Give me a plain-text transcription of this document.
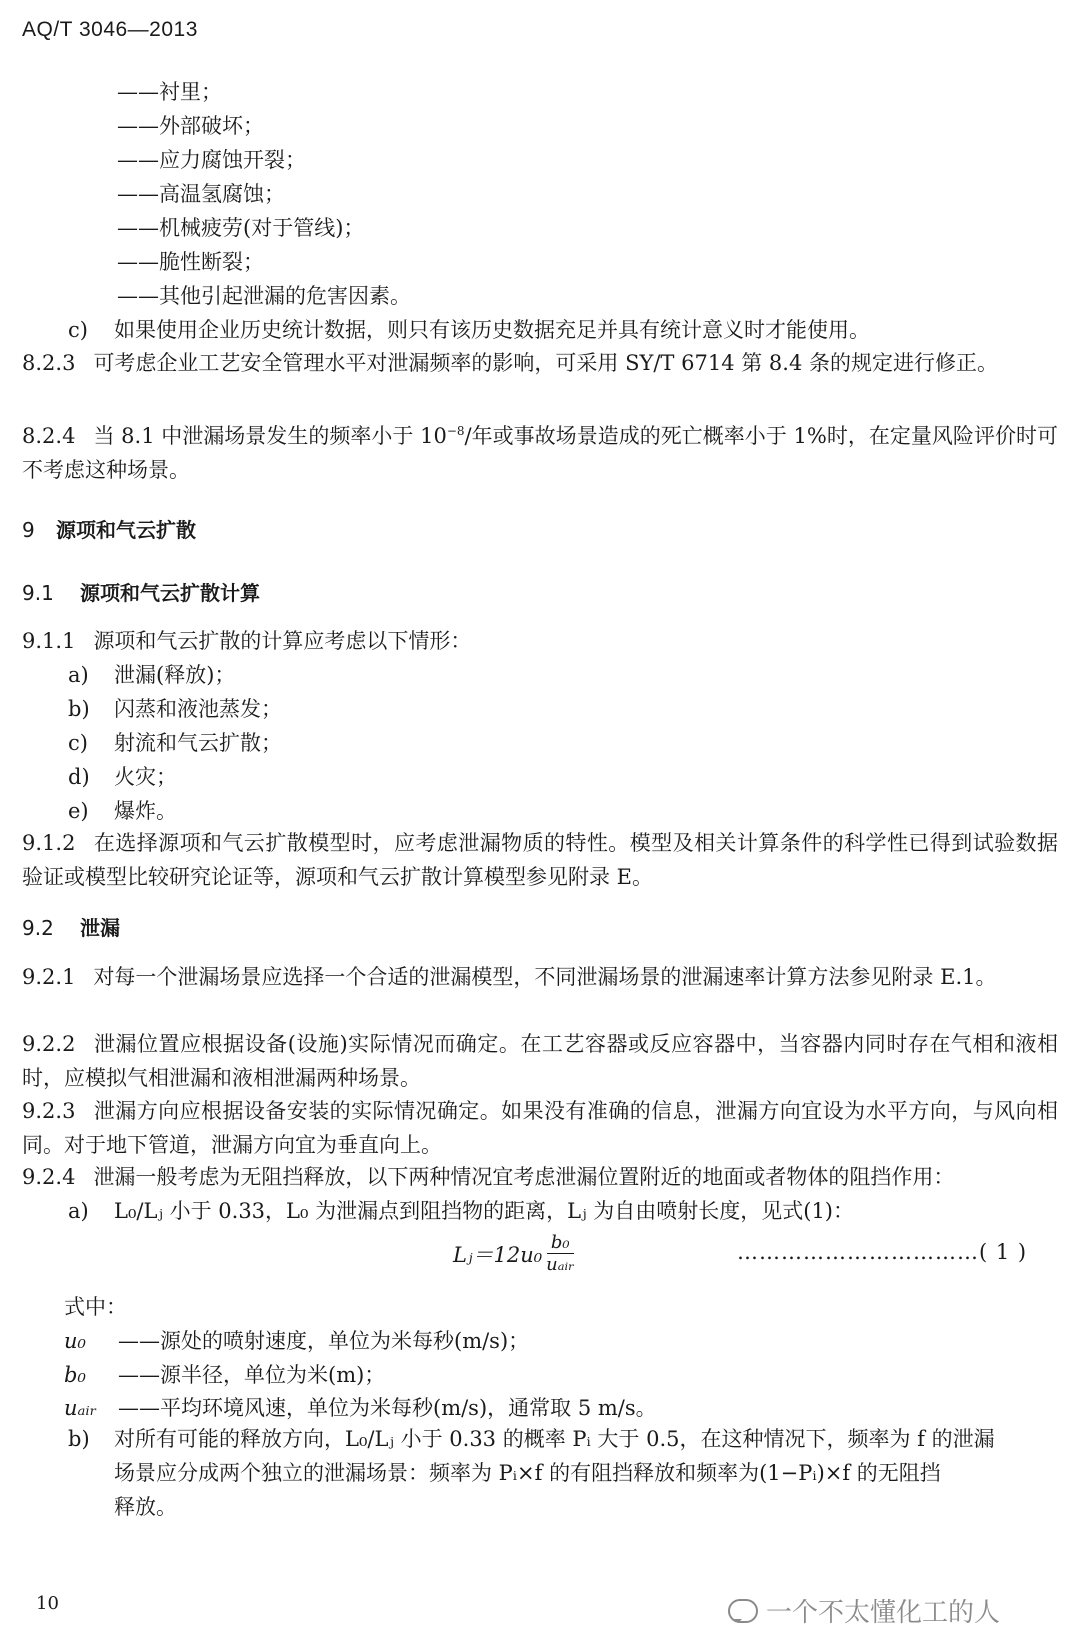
AQ/T 3046—2013
——衬里；
——外部破坏；
——应力腐蚀开裂；
——高温氢腐蚀；
——机械疲劳(对于管线)；
——脆性断裂；
——其他引起泄漏的危害因素。
c) 如果使用企业历史统计数据，则只有该历史数据充足并具有统计意义时才能使用。
8.2.3 可考虑企业工艺安全管理水平对泄漏频率的影响，可采用 SY/T 6714 第 8.4 条的规定进行修正。
8.2.4 当 8.1 中泄漏场景发生的频率小于 $10^{-8}/$年或事故场景造成的死亡概率小于 1%时，在定量风险评价时可不考虑这种场景。
9 源项和气云扩散
9.1 源项和气云扩散计算
9.1.1 源项和气云扩散的计算应考虑以下情形：
a) 泄漏(释放)；
b) 闪蒸和液池蒸发；
c) 射流和气云扩散；
d) 火灾；
e) 爆炸。
9.1.2 在选择源项和气云扩散模型时，应考虑泄漏物质的特性。模型及相关计算条件的科学性已得到试验数据验证或模型比较研究论证等，源项和气云扩散计算模型参见附录 E。
9.2 泄漏
9.2.1 对每一个泄漏场景应选择一个合适的泄漏模型，不同泄漏场景的泄漏速率计算方法参见附录 E.1。
9.2.2 泄漏位置应根据设备(设施)实际情况而确定。在工艺容器或反应容器中，当容器内同时存在气相和液相时，应模拟气相泄漏和液相泄漏两种场景。
9.2.3 泄漏方向应根据设备安装的实际情况确定。如果没有准确的信息，泄漏方向宜设为水平方向，与风向相同。对于地下管道，泄漏方向宜为垂直向上。
9.2.4 泄漏一般考虑为无阻挡释放，以下两种情况宜考虑泄漏位置附近的地面或者物体的阻挡作用：
a) L₀/Lⱼ 小于 0.33，L₀ 为泄漏点到阻挡物的距离，Lⱼ 为自由喷射长度，见式(1)：
Lⱼ＝12u₀ $\frac{\text{b₀}}{\text{uₐᵢᵣ}}$	……………………………( 1 )
式中：
u₀ ——源处的喷射速度，单位为米每秒(m/s)；
b₀ ——源半径，单位为米(m)；
uₐᵢᵣ ——平均环境风速，单位为米每秒(m/s)，通常取 5 m/s。
b) 对所有可能的释放方向，L₀/Lⱼ 小于 0.33 的概率 Pᵢ 大于 0.5，在这种情况下，频率为 f 的泄漏
场景应分成两个独立的泄漏场景：频率为 Pᵢ×f 的有阻挡释放和频率为(1−Pᵢ)×f 的无阻挡
释放。
10	一个不太懂化工的人
